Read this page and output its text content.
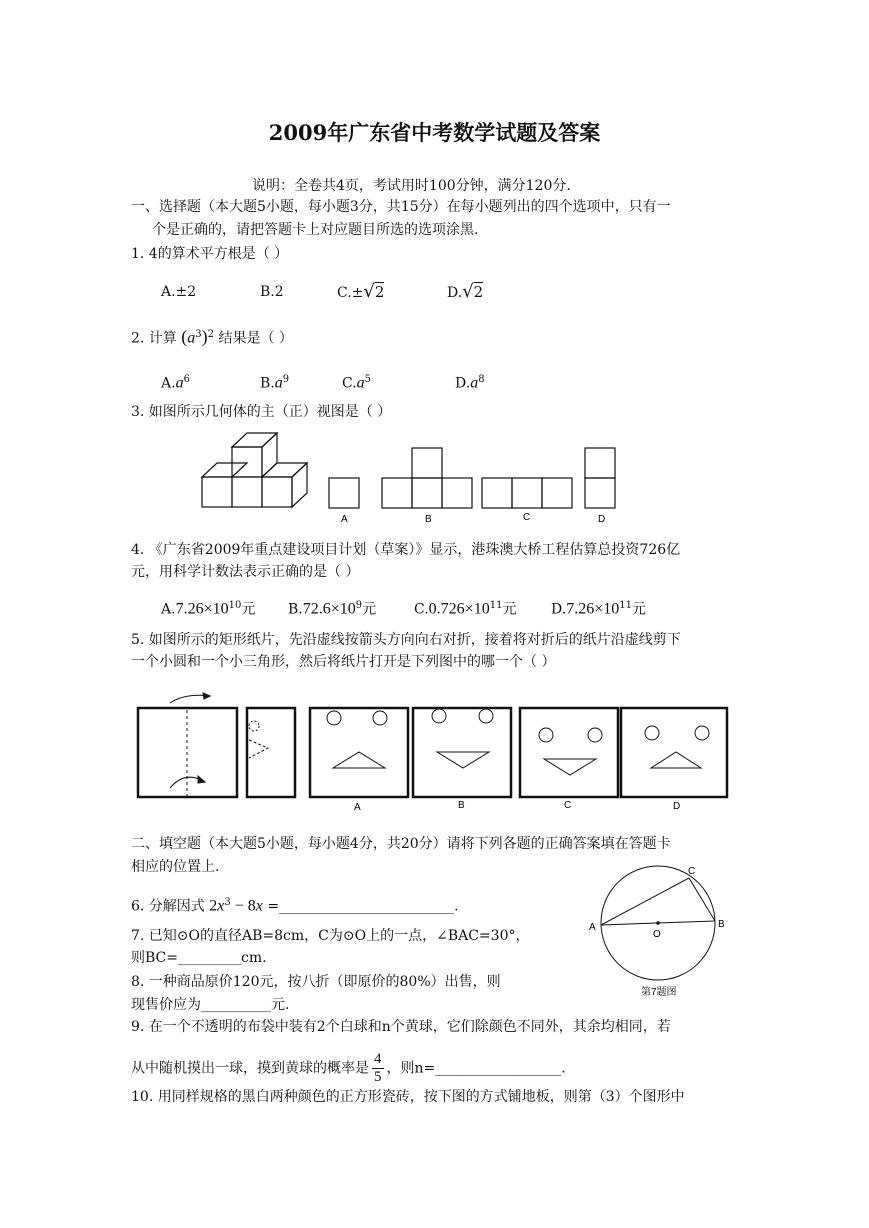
2009年广东省中考数学试题及答案
说明：全卷共4页，考试用时100分钟，满分120分.
一、选择题（本大题5小题，每小题3分，共15分）在每小题列出的四个选项中，只有一
个是正确的，请把答题卡上对应题目所选的选项涂黑.
1. 4的算术平方根是（ ）
A.±2	B.2	C.±√2	D.√2
2. 计算 $(a^3)^2$ 结果是（ ）
$A.a^6$	$B.a^9$	$C.a^5$	$D.a^8$
3. 如图所示几何体的主（正）视图是（ ）
A	B	C	D
4. 《广东省2009年重点建设项目计划（草案）》显示，港珠澳大桥工程估算总投资726亿
元，用科学计数法表示正确的是（ ）
$A.7.26\times 10^{10}$元 $B.72.6\times 10^9$元	$C.0.726\times 10^{11}$元 $D.7.26\times 10^{11}$元
5. 如图所示的矩形纸片，先沿虚线按箭头方向向右对折，接着将对折后的纸片沿虚线剪下
一个小圆和一个小三角形，然后将纸片打开是下列图中的哪一个（ ）
A	B	C	D
二、填空题（本大题5小题，每小题4分，共20分）请将下列各题的正确答案填在答题卡
相应的位置上.
6. 分解因式 $2x^3 - 8x$ =_________________________.
7. 已知⊙O的直径AB=8cm，C为⊙O上的一点，∠BAC=30°，
则BC=_________cm.
8. 一种商品原价120元，按八折（即原价的80%）出售，则
现售价应为__________元.
A	B
C
O
第7题图
9. 在一个不透明的布袋中装有2个白球和n个黄球，它们除颜色不同外，其余均相同，若
从中随机摸出一球，摸到黄球的概率是 $\frac{4}{5}$ ，则n=__________________.
10. 用同样规格的黑白两种颜色的正方形瓷砖，按下图的方式铺地板，则第（3）个图形中
